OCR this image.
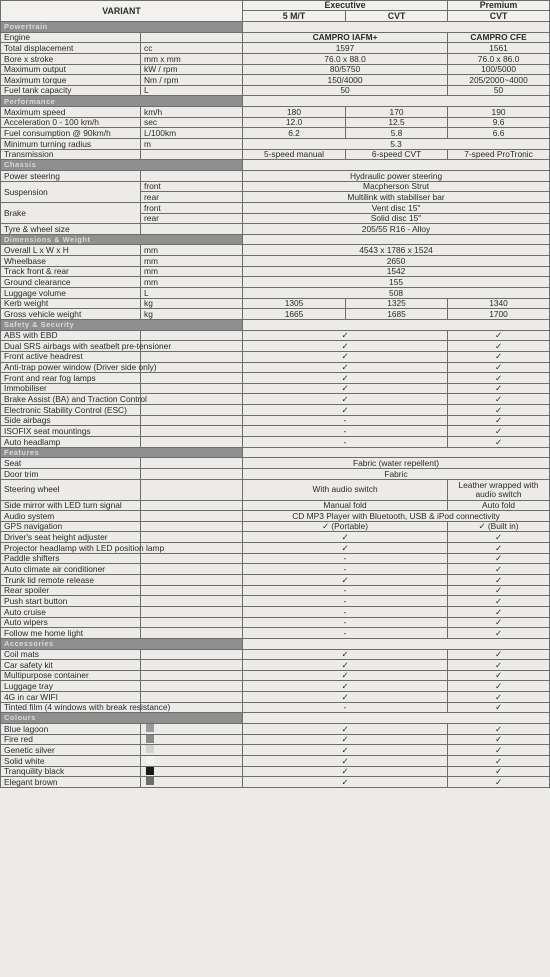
VARIANT		Executive		Premium
		5 M/T	CVT	CVT
Powertrain				
Engine		CAMPRO IAFM+		CAMPRO CFE
Total displacement	cc	1597		1561
Bore x stroke	mm x mm	76.0 x 88.0		76.0 x 86.0
Maximum output	kW / rpm	80/5750		100/5000
Maximum torque	Nm / rpm	150/4000		205/2000~4000
Fuel tank capacity	L	50		50
Performance				
Maximum speed	km/h	180	170	190
Acceleration 0 - 100 km/h	sec	12.0	12.5	9.6
Fuel consumption @ 90km/h	L/100km	6.2	5.8	6.6
Minimum turning radius	m	5.3		
Transmission		5-speed manual	6-speed CVT	7-speed ProTronic
Chassis				
Power steering		Hydraulic power steering		
Suspension	front	Macpherson Strut		
	rear	Multilink with stabiliser bar		
Brake	front	Vent disc 15"		
	rear	Solid disc 15"		
Tyre & wheel size		205/55 R16 - Alloy		
Dimensions & Weight				
Overall L x W x H	mm	4543 x 1786 x 1524		
Wheelbase	mm	2650		
Track front & rear	mm	1542		
Ground clearance	mm	155		
Luggage volume	L	508		
Kerb weight	kg	1305	1325	1340
Gross vehicle weight	kg	1665	1685	1700
Safety & Security				
ABS with EBD		✓		✓
Dual SRS airbags with seatbelt pre-tensioner		✓		✓
Front active headrest		✓		✓
Anti-trap power window (Driver side only)		✓		✓
Front and rear fog lamps		✓		✓
Immobiliser		✓		✓
Brake Assist (BA) and Traction Control		✓		✓
Electronic Stability Control (ESC)		✓		✓
Side airbags		-		✓
ISOFIX seat mountings		-		✓
Auto headlamp		-		✓
Features				
Seat		Fabric (water repellent)		
Door trim		Fabric		
Steering wheel		With audio switch		Leather wrapped with audio switch
Side mirror with LED turn signal		Manual fold		Auto fold
Audio system		CD MP3 Player with Bluetooth, USB & iPod connectivity		
GPS navigation		✓ (Portable)		✓ (Built in)
Driver's seat height adjuster		✓		✓
Projector headlamp with LED position lamp		✓		✓
Paddle shifters		-		✓
Auto climate air conditioner		-		✓
Trunk lid remote release		✓		✓
Rear spoiler		-		✓
Push start button		-		✓
Auto cruise		-		✓
Auto wipers		-		✓
Follow me home light		-		✓
Accessories				
Coil mats		✓		✓
Car safety kit		✓		✓
Multipurpose container		✓		✓
Luggage tray		✓		✓
4G in car WIFI		✓		✓
Tinted film (4 windows with break resistance)		-		✓
Colours				
Blue lagoon		✓		✓
Fire red		✓		✓
Genetic silver		✓		✓
Solid white		✓		✓
Tranquility black		✓		✓
Elegant brown		✓		✓
